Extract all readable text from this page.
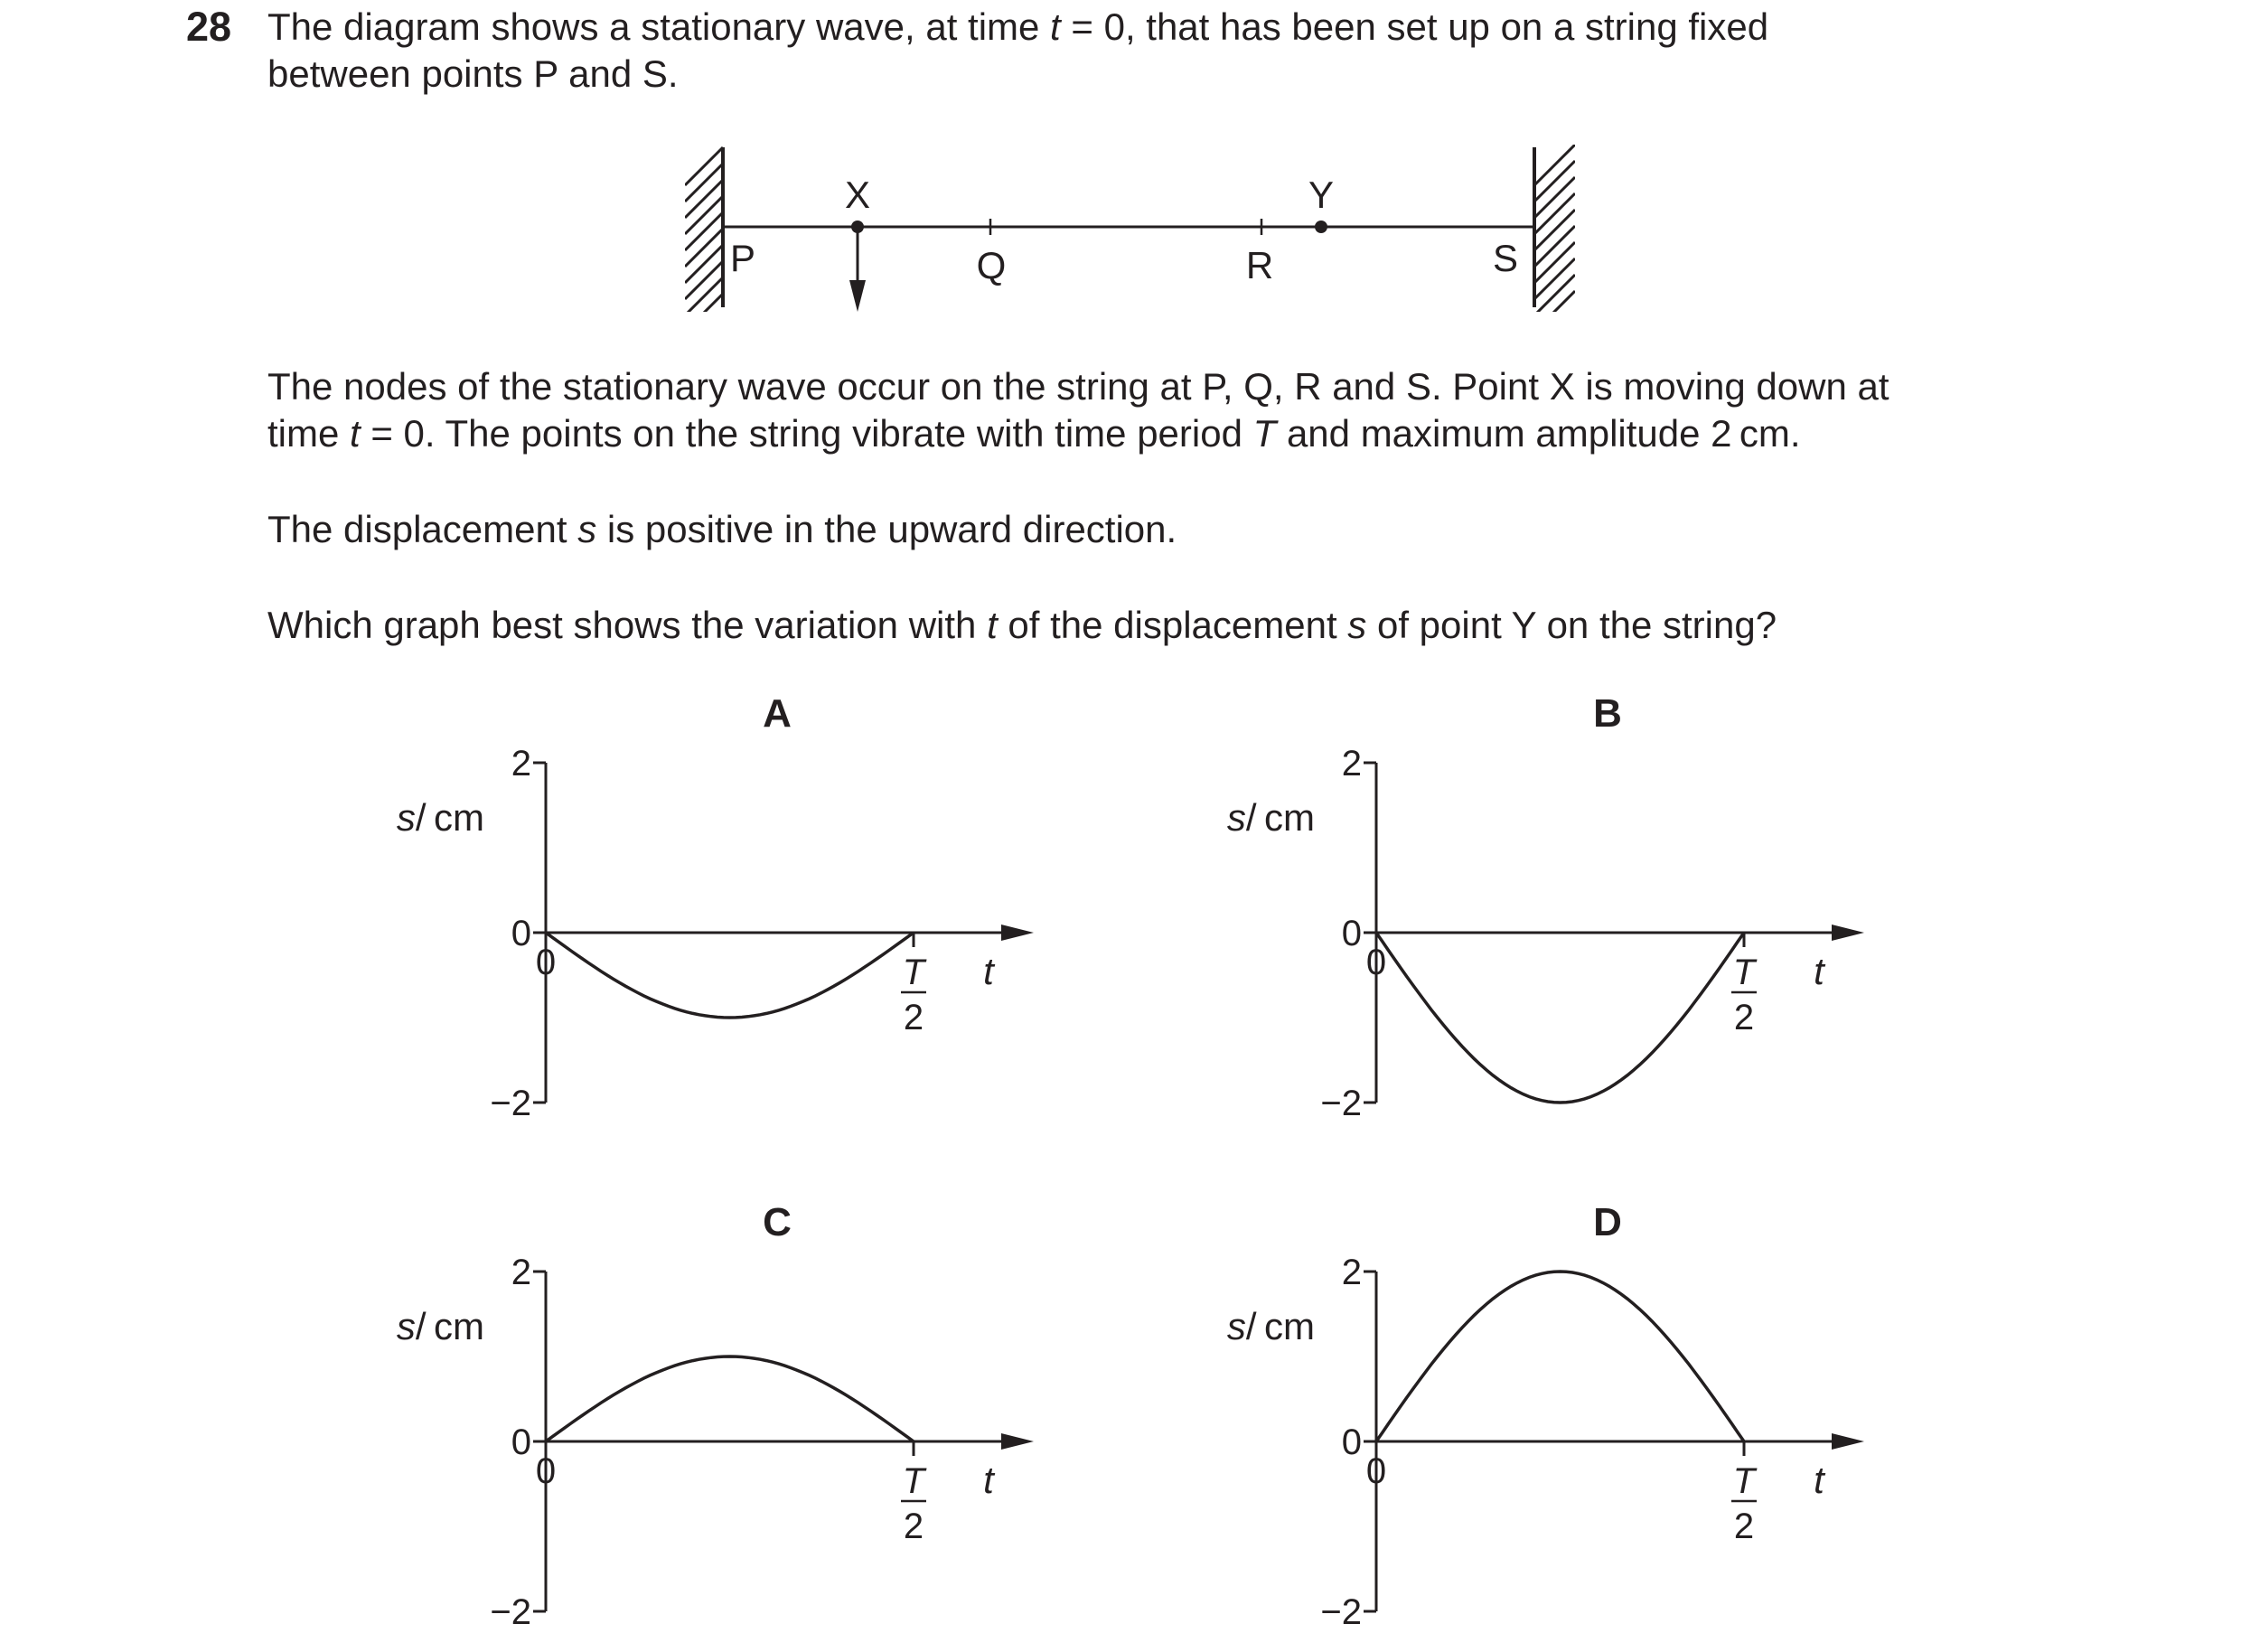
28 The diagram shows a stationary wave, at time t = 0, that has been set up on a string fixed
between points P and S.
X	Y
P	Q	R	S
The nodes of the stationary wave occur on the string at P, Q, R and S. Point X is moving down at
time t = 0. The points on the string vibrate with time period T and maximum amplitude 2 cm.
The displacement s is positive in the upward direction.
Which graph best shows the variation with t of the displacement s of point Y on the string?
A
2
0
−2
0	T
2
t
s/ cm
B
2
0
−2
0	T
2
t
s/ cm
C
2
0
−2
0	T
2
t
s/ cm
D
2
0
−2
0	T
2
t
s/ cm
